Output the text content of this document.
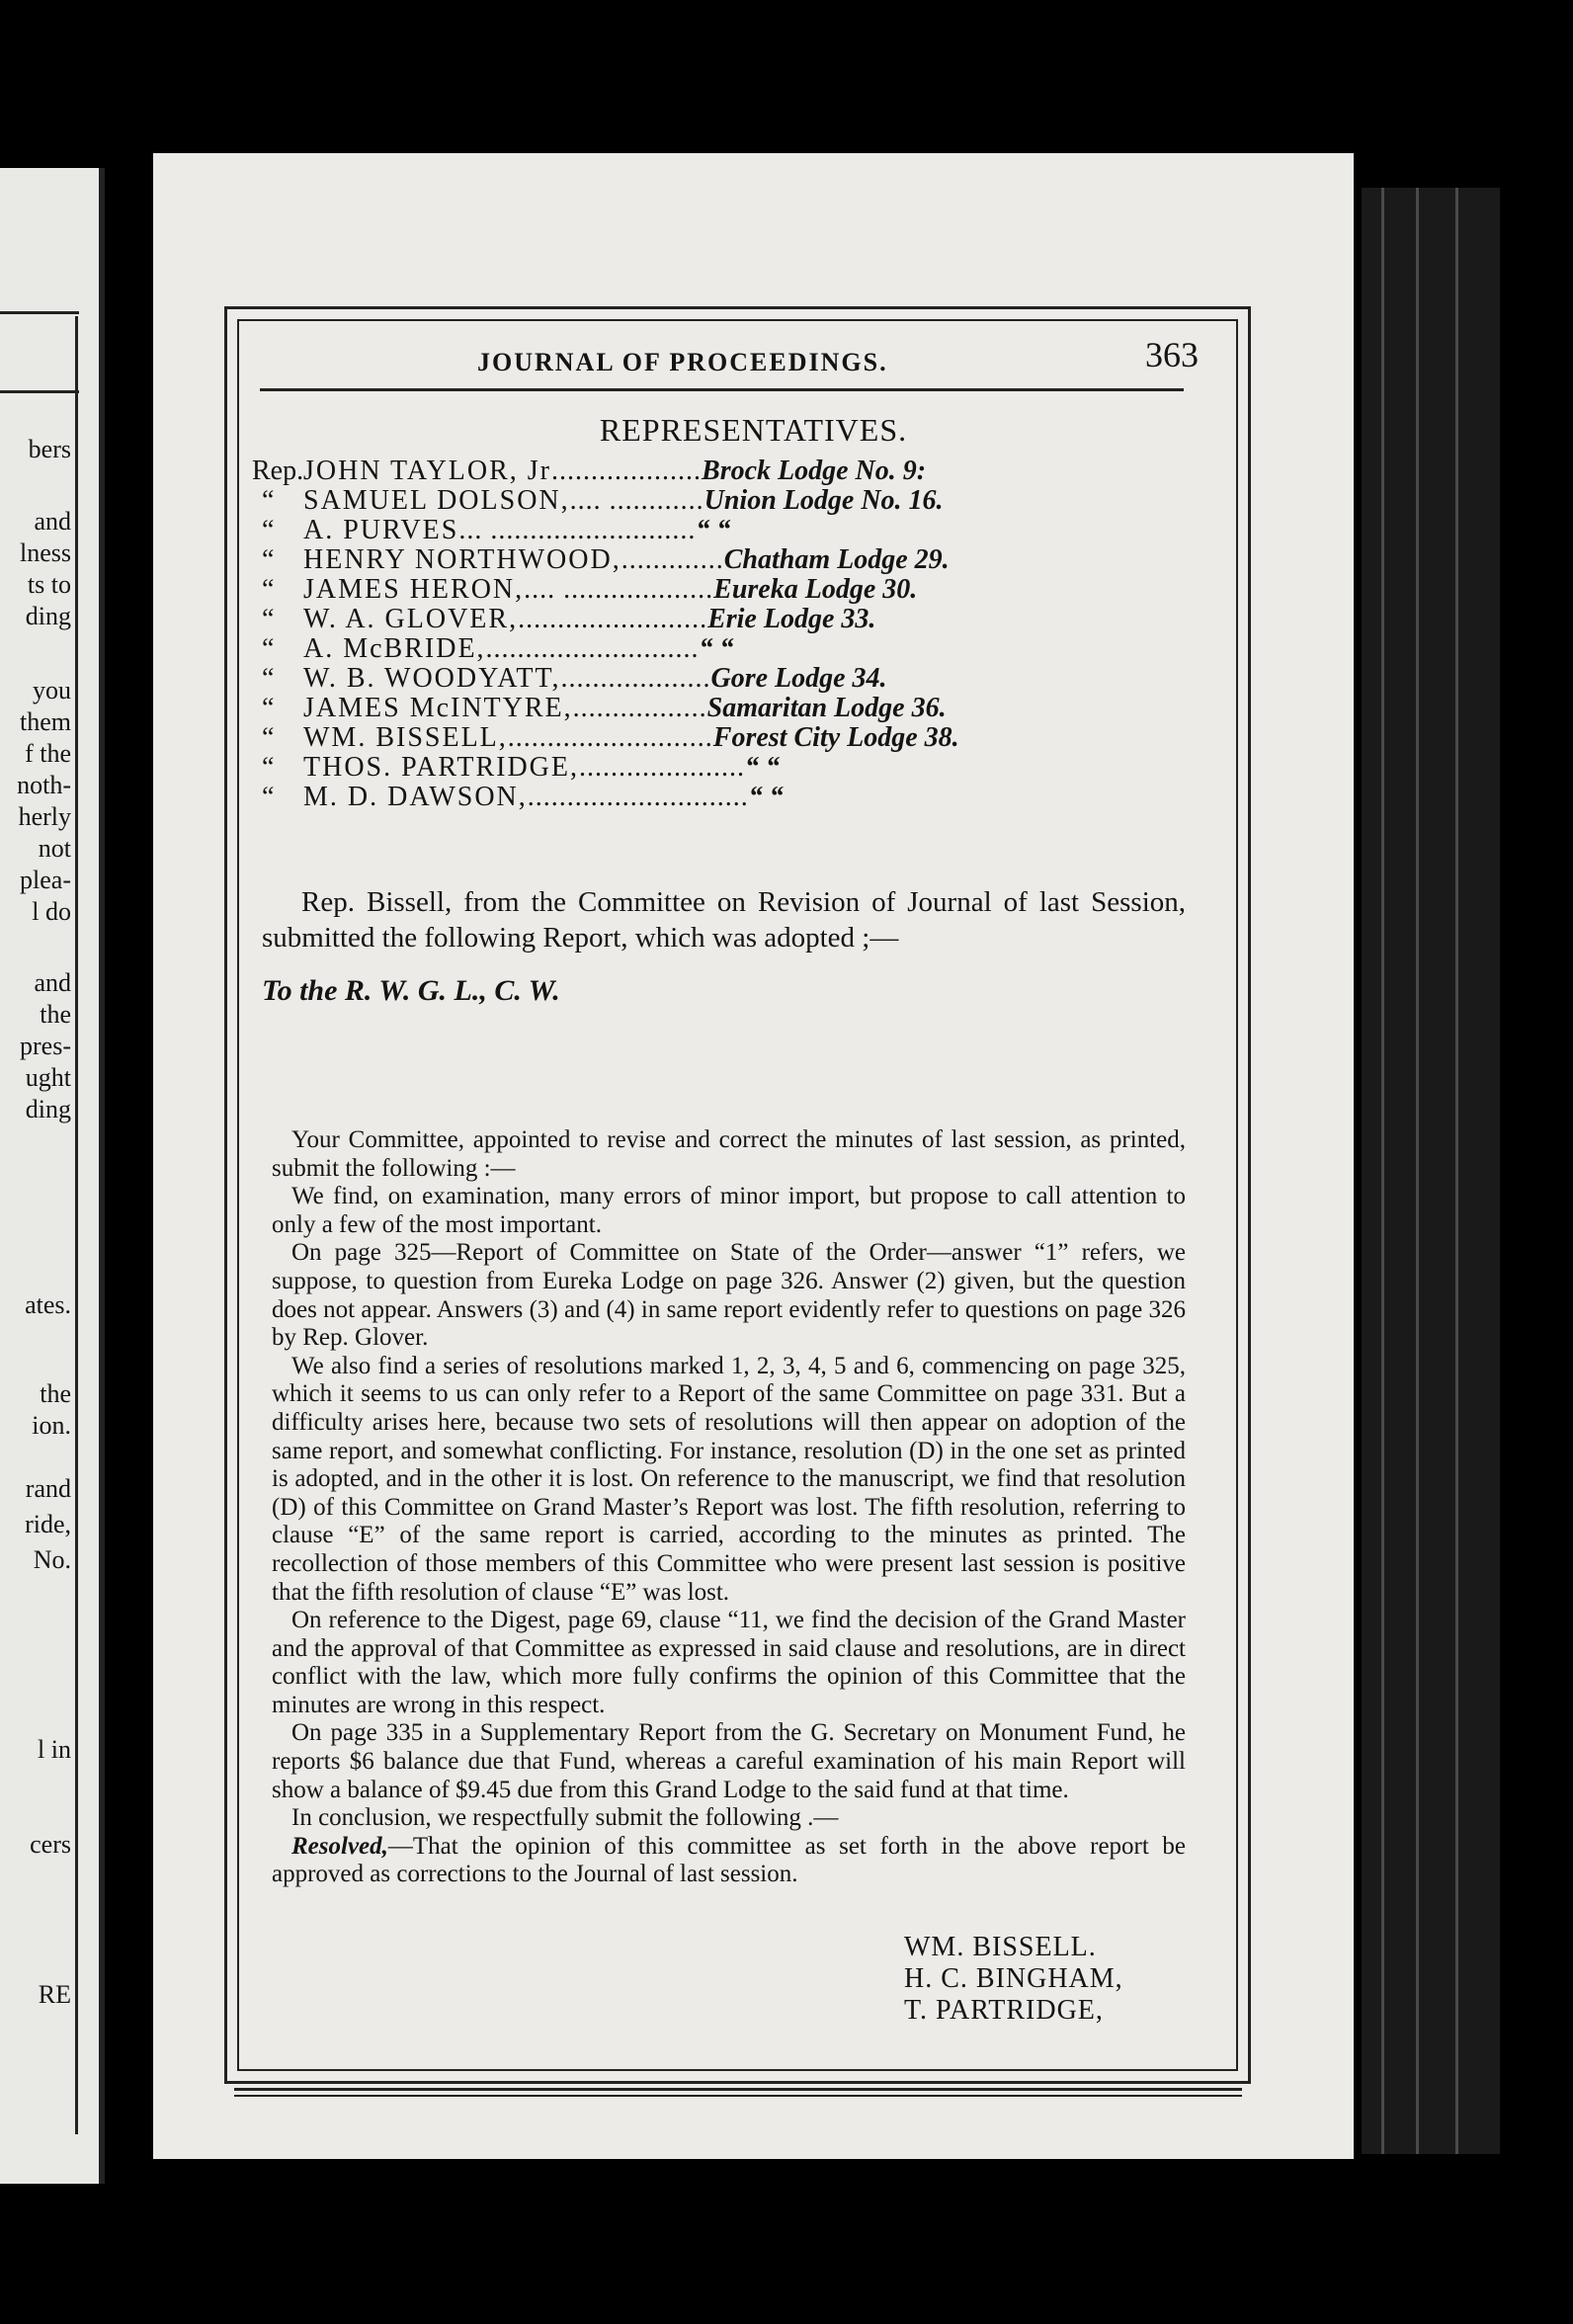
bers
and
lness
ts to
ding
you
them
f the
noth-
herly
not
plea-
l do
and
the
pres-
ught
ding
ates.
the
ion.
rand
ride,
No.
l in
cers
RE
JOURNAL OF PROCEEDINGS.	363
REPRESENTATIVES.
Rep. JOHN TAYLOR, Jr ................... Brock Lodge No. 9:
“	SAMUEL DOLSON, .... ............ Union Lodge No. 16.
“	A. PURVES ... .......................... “ “
“	HENRY NORTHWOOD, ............. Chatham Lodge 29.
“	JAMES HERON, .... ................... Eureka Lodge 30.
“	W. A. GLOVER, ........................ Erie Lodge 33.
“	A. McBRIDE, ........................... “ “
“	W. B. WOODYATT, ................... Gore Lodge 34.
“	JAMES McINTYRE, ................. Samaritan Lodge 36.
“	WM. BISSELL, .......................... Forest City Lodge 38.
“	THOS. PARTRIDGE, ..................... “ “
“	M. D. DAWSON, ............................ “ “
Rep. Bissell, from the Committee on Revision of Journal of last Session, submitted the following Report, which was adopted ;—
To the R. W. G. L., C. W.

Your Committee, appointed to revise and correct the minutes of last session, as printed, submit the following :—

We find, on examination, many errors of minor import, but propose to call attention to only a few of the most important.

On page 325—Report of Committee on State of the Order—answer “1” refers, we suppose, to question from Eureka Lodge on page 326. Answer (2) given, but the question does not appear. Answers (3) and (4) in same report evidently refer to questions on page 326 by Rep. Glover.

We also find a series of resolutions marked 1, 2, 3, 4, 5 and 6, commencing on page 325, which it seems to us can only refer to a Report of the same Committee on page 331. But a difficulty arises here, because two sets of resolutions will then appear on adoption of the same report, and somewhat conflicting. For instance, resolution (D) in the one set as printed is adopted, and in the other it is lost. On reference to the manuscript, we find that resolution (D) of this Committee on Grand Master’s Report was lost. The fifth resolution, referring to clause “E” of the same report is carried, according to the minutes as printed. The recollection of those members of this Committee who were present last session is positive that the fifth resolution of clause “E” was lost.

On reference to the Digest, page 69, clause “11, we find the decision of the Grand Master and the approval of that Committee as expressed in said clause and resolutions, are in direct conflict with the law, which more fully confirms the opinion of this Committee that the minutes are wrong in this respect.

On page 335 in a Supplementary Report from the G. Secretary on Monument Fund, he reports $6 balance due that Fund, whereas a careful examination of his main Report will show a balance of $9.45 due from this Grand Lodge to the said fund at that time.

In conclusion, we respectfully submit the following .—

Resolved,—That the opinion of this committee as set forth in the above report be approved as corrections to the Journal of last session.

WM. BISSELL.
H. C. BINGHAM,
T. PARTRIDGE,
